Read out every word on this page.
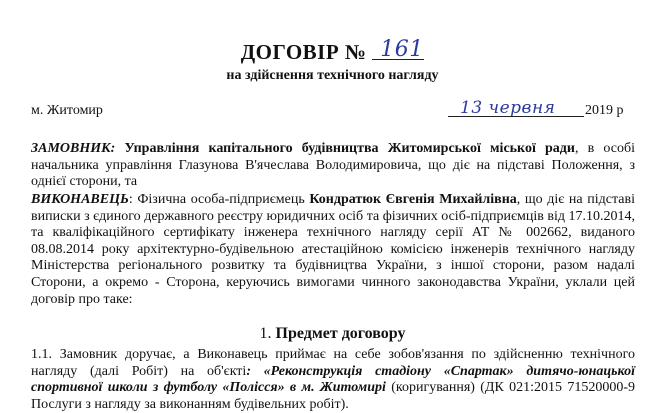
ДОГОВІР № 161
на здійснення технічного нагляду
м. Житомир	13 червня 2019 р
ЗАМОВНИК: Управління капітального будівництва Житомирської міської ради, в особі начальника управління Глазунова В'ячеслава Володимировича, що діє на підставі Положення, з однієї сторони, та
ВИКОНАВЕЦЬ: Фізична особа-підприємець Кондратюк Євгенія Михайлівна, що діє на підставі виписки з єдиного державного реєстру юридичних осіб та фізичних осіб-підприємців від 17.10.2014, та кваліфікаційного сертифікату інженера технічного нагляду серії АТ № 002662, виданого 08.08.2014 року архітектурно-будівельною атестаційною комісією інженерів технічного нагляду Міністерства регіонального розвитку та будівництва України, з іншої сторони, разом надалі Сторони, а окремо - Сторона, керуючись вимогами чинного законодавства України, уклали цей договір про таке:
1. Предмет договору
1.1. Замовник доручає, а Виконавець приймає на себе зобов'язання по здійсненню технічного нагляду (далі Робіт) на об'єкті: «Реконструкція стадіону «Спартак» дитячо-юнацької спортивної школи з футболу «Полісся» в м. Житомирі (коригування) (ДК 021:2015 71520000-9 Послуги з нагляду за виконанням будівельних робіт).
